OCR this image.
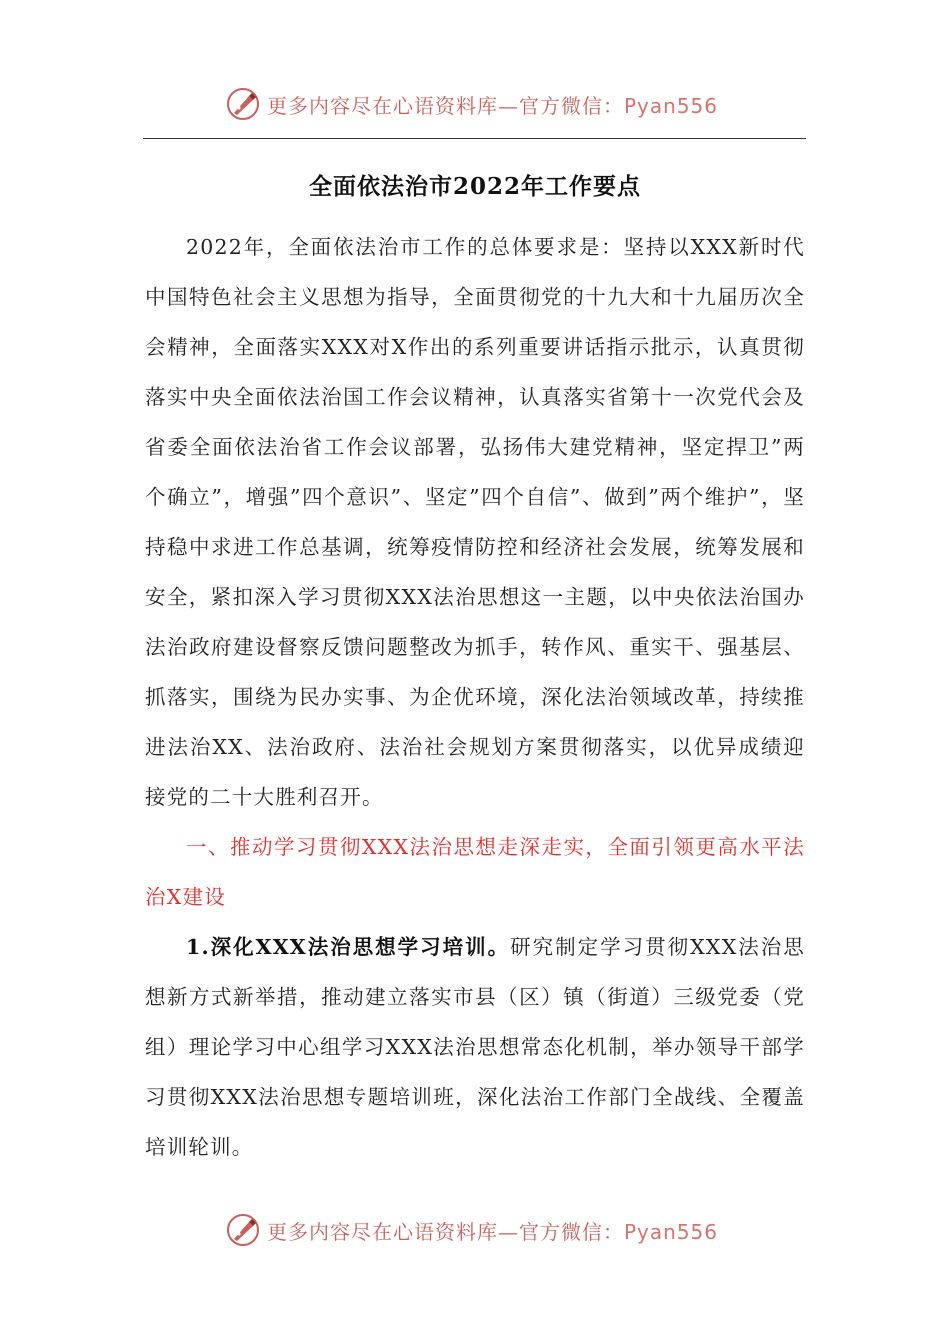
更多内容尽在心语资料库—官方微信：Pyan556
全面依法治市2022年工作要点

2022年，全面依法治市工作的总体要求是：坚持以XXX新时代中国特色社会主义思想为指导，全面贯彻党的十九大和十九届历次全会精神，全面落实XXX对X作出的系列重要讲话指示批示，认真贯彻落实中央全面依法治国工作会议精神，认真落实省第十一次党代会及省委全面依法治省工作会议部署，弘扬伟大建党精神，坚定捍卫”两个确立”，增强”四个意识”、坚定”四个自信”、做到”两个维护”，坚持稳中求进工作总基调，统筹疫情防控和经济社会发展，统筹发展和安全，紧扣深入学习贯彻XXX法治思想这一主题，以中央依法治国办法治政府建设督察反馈问题整改为抓手，转作风、重实干、强基层、抓落实，围绕为民办实事、为企优环境，深化法治领域改革，持续推进法治XX、法治政府、法治社会规划方案贯彻落实，以优异成绩迎接党的二十大胜利召开。

一、推动学习贯彻XXX法治思想走深走实，全面引领更高水平法治X建设

1.深化XXX法治思想学习培训。研究制定学习贯彻XXX法治思想新方式新举措，推动建立落实市县（区）镇（街道）三级党委（党组）理论学习中心组学习XXX法治思想常态化机制，举办领导干部学习贯彻XXX法治思想专题培训班，深化法治工作部门全战线、全覆盖培训轮训。

更多内容尽在心语资料库—官方微信：Pyan556
